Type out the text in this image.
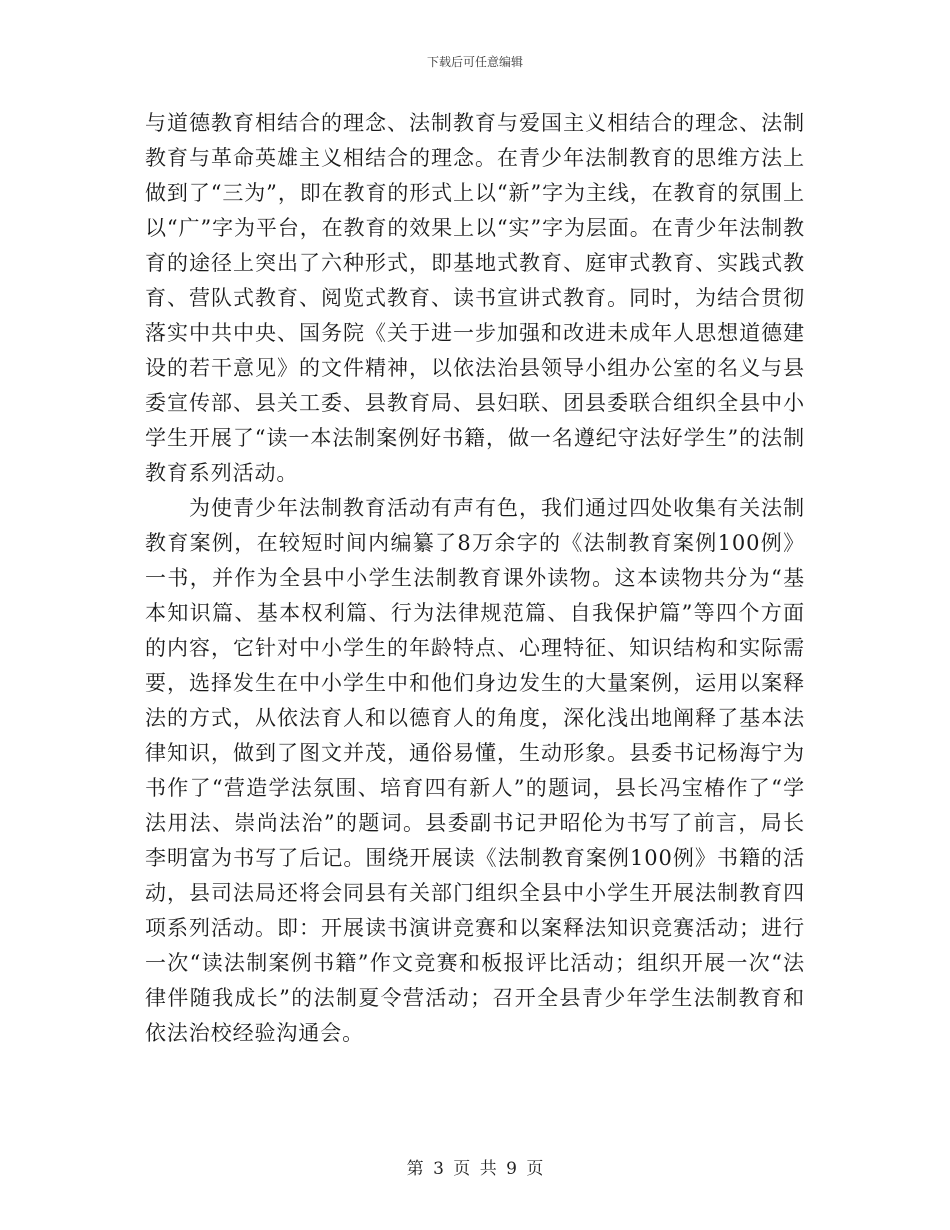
下载后可任意编辑

与道德教育相结合的理念、法制教育与爱国主义相结合的理念、法制教育与革命英雄主义相结合的理念。在青少年法制教育的思维方法上做到了“三为”，即在教育的形式上以“新”字为主线，在教育的氛围上以“广”字为平台，在教育的效果上以“实”字为层面。在青少年法制教育的途径上突出了六种形式，即基地式教育、庭审式教育、实践式教育、营队式教育、阅览式教育、读书宣讲式教育。同时，为结合贯彻落实中共中央、国务院《关于进一步加强和改进未成年人思想道德建设的若干意见》的文件精神，以依法治县领导小组办公室的名义与县委宣传部、县关工委、县教育局、县妇联、团县委联合组织全县中小学生开展了“读一本法制案例好书籍，做一名遵纪守法好学生”的法制教育系列活动。

为使青少年法制教育活动有声有色，我们通过四处收集有关法制教育案例，在较短时间内编纂了8万余字的《法制教育案例100例》一书，并作为全县中小学生法制教育课外读物。这本读物共分为“基本知识篇、基本权利篇、行为法律规范篇、自我保护篇”等四个方面的内容，它针对中小学生的年龄特点、心理特征、知识结构和实际需要，选择发生在中小学生中和他们身边发生的大量案例，运用以案释法的方式，从依法育人和以德育人的角度，深化浅出地阐释了基本法律知识，做到了图文并茂，通俗易懂，生动形象。县委书记杨海宁为书作了“营造学法氛围、培育四有新人”的题词，县长冯宝椿作了“学法用法、崇尚法治”的题词。县委副书记尹昭伦为书写了前言，局长李明富为书写了后记。围绕开展读《法制教育案例100例》书籍的活动，县司法局还将会同县有关部门组织全县中小学生开展法制教育四项系列活动。即：开展读书演讲竞赛和以案释法知识竞赛活动；进行一次“读法制案例书籍”作文竞赛和板报评比活动；组织开展一次“法律伴随我成长”的法制夏令营活动；召开全县青少年学生法制教育和依法治校经验沟通会。

第 3 页 共 9 页
